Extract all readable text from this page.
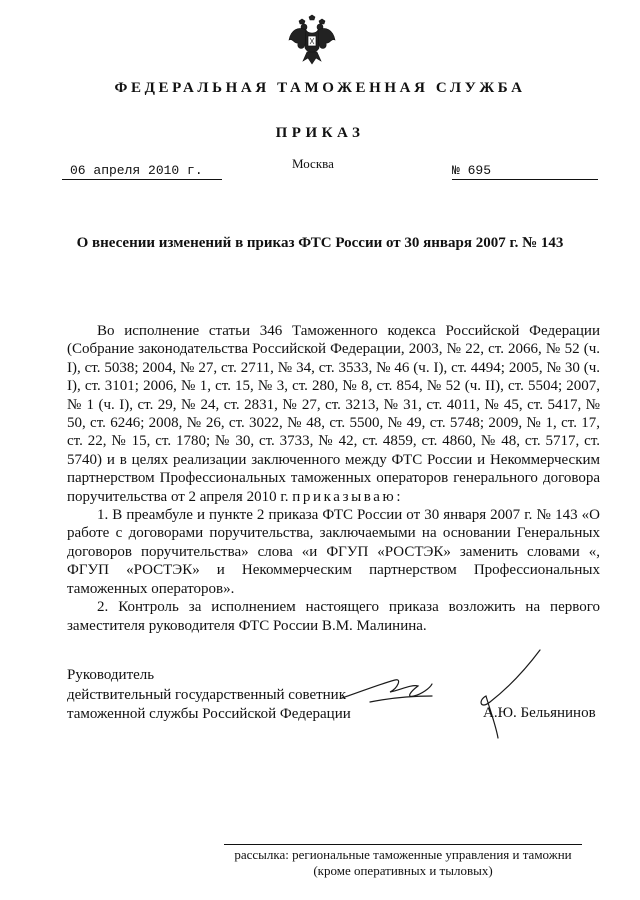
ФЕДЕРАЛЬНАЯ ТАМОЖЕННАЯ СЛУЖБА
ПРИКАЗ
06 апреля 2010 г.	Москва	№ 695
О внесении изменений в приказ ФТС России от 30 января 2007 г. № 143

Во исполнение статьи 346 Таможенного кодекса Российской Федерации (Собрание законодательства Российской Федерации, 2003, № 22, ст. 2066, № 52 (ч. I), ст. 5038; 2004, № 27, ст. 2711, № 34, ст. 3533, № 46 (ч. I), ст. 4494; 2005, № 30 (ч. I), ст. 3101; 2006, № 1, ст. 15, № 3, ст. 280, № 8, ст. 854, № 52 (ч. II), ст. 5504; 2007, № 1 (ч. I), ст. 29, № 24, ст. 2831, № 27, ст. 3213, № 31, ст. 4011, № 45, ст. 5417, № 50, ст. 6246; 2008, № 26, ст. 3022, № 48, ст. 5500, № 49, ст. 5748; 2009, № 1, ст. 17, ст. 22, № 15, ст. 1780; № 30, ст. 3733, № 42, ст. 4859, ст. 4860, № 48, ст. 5717, ст. 5740) и в целях реализации заключенного между ФТС России и Некоммерческим партнерством Профессиональных таможенных операторов генерального договора поручительства от 2 апреля 2010 г. приказываю:

1. В преамбуле и пункте 2 приказа ФТС России от 30 января 2007 г. № 143 «О работе с договорами поручительства, заключаемыми на основании Генеральных договоров поручительства» слова «и ФГУП «РОСТЭК» заменить словами «, ФГУП «РОСТЭК» и Некоммерческим партнерством Профессиональных таможенных операторов».

2. Контроль за исполнением настоящего приказа возложить на первого заместителя руководителя ФТС России В.М. Малинина.

Руководитель
действительный государственный советник
таможенной службы Российской Федерации	А.Ю. Бельянинов
рассылка: региональные таможенные управления и таможни
(кроме оперативных и тыловых)
